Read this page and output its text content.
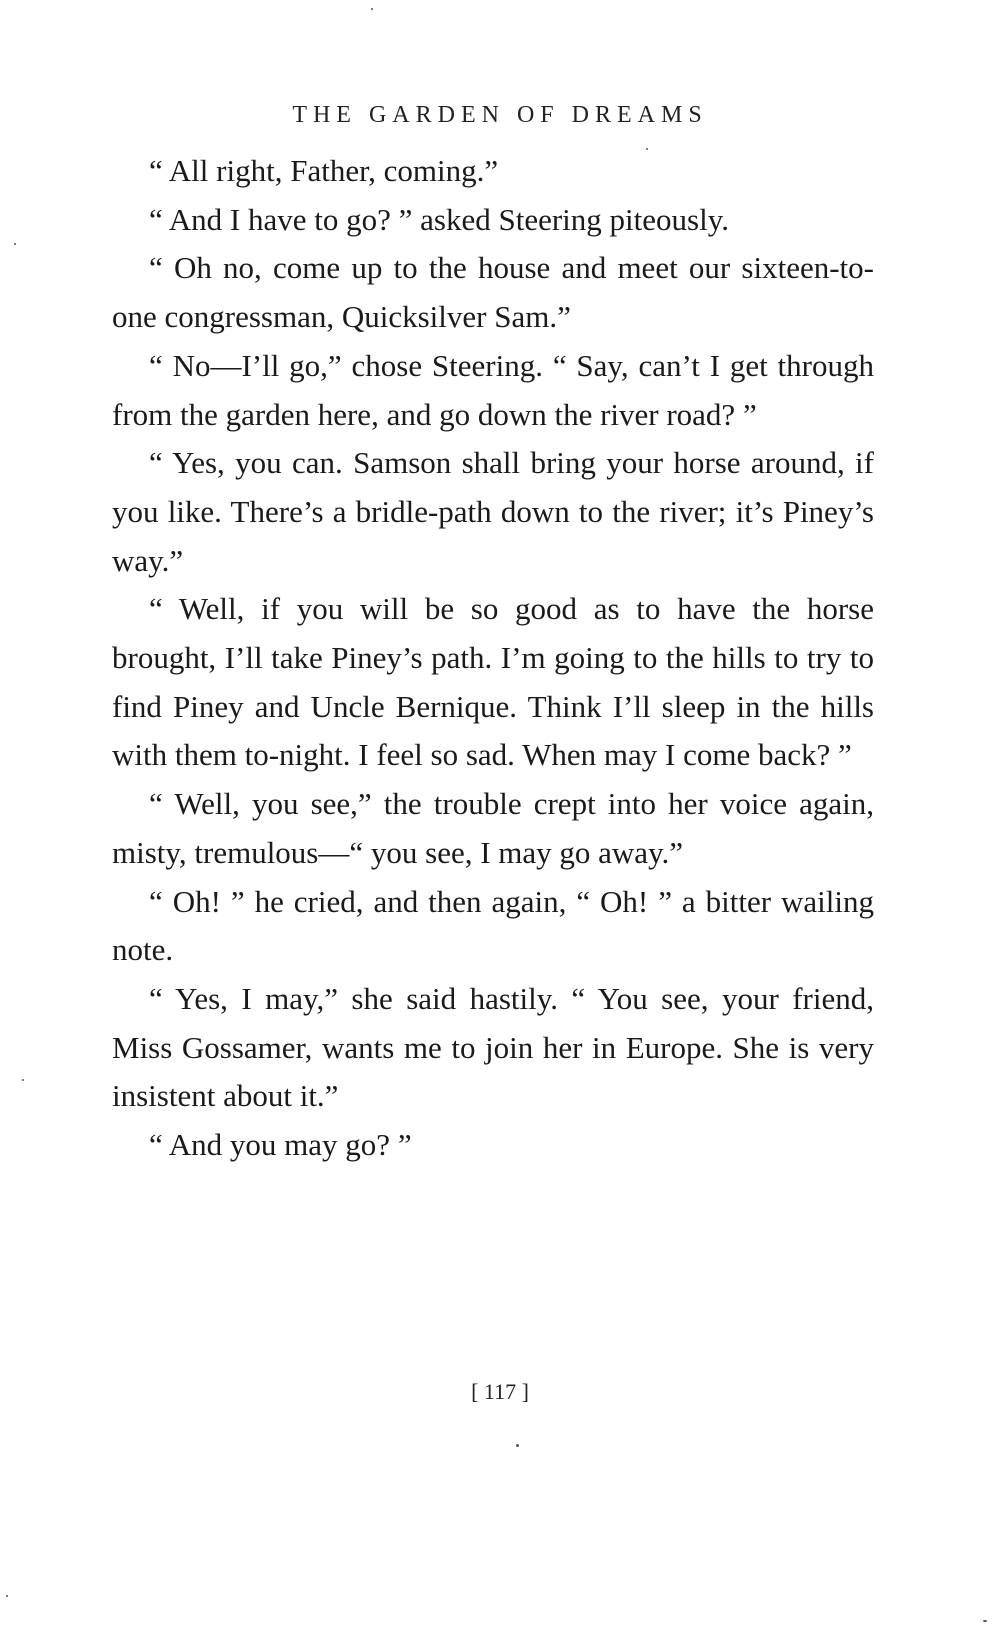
THE GARDEN OF DREAMS

“ All right, Father, coming.”

“ And I have to go? ” asked Steering piteously.

“ Oh no, come up to the house and meet our sixteen-to-one congressman, Quicksilver Sam.”

“ No—I’ll go,” chose Steering. “ Say, can’t I get through from the garden here, and go down the river road? ”

“ Yes, you can. Samson shall bring your horse around, if you like. There’s a bridle-path down to the river; it’s Piney’s way.”

“ Well, if you will be so good as to have the horse brought, I’ll take Piney’s path. I’m going to the hills to try to find Piney and Uncle Bernique. Think I’ll sleep in the hills with them to-night. I feel so sad. When may I come back? ”

“ Well, you see,” the trouble crept into her voice again, misty, tremulous—“ you see, I may go away.”

“ Oh! ” he cried, and then again, “ Oh! ” a bitter wailing note.

“ Yes, I may,” she said hastily. “ You see, your friend, Miss Gossamer, wants me to join her in Europe. She is very insistent about it.”

“ And you may go? ”

[ 117 ]
